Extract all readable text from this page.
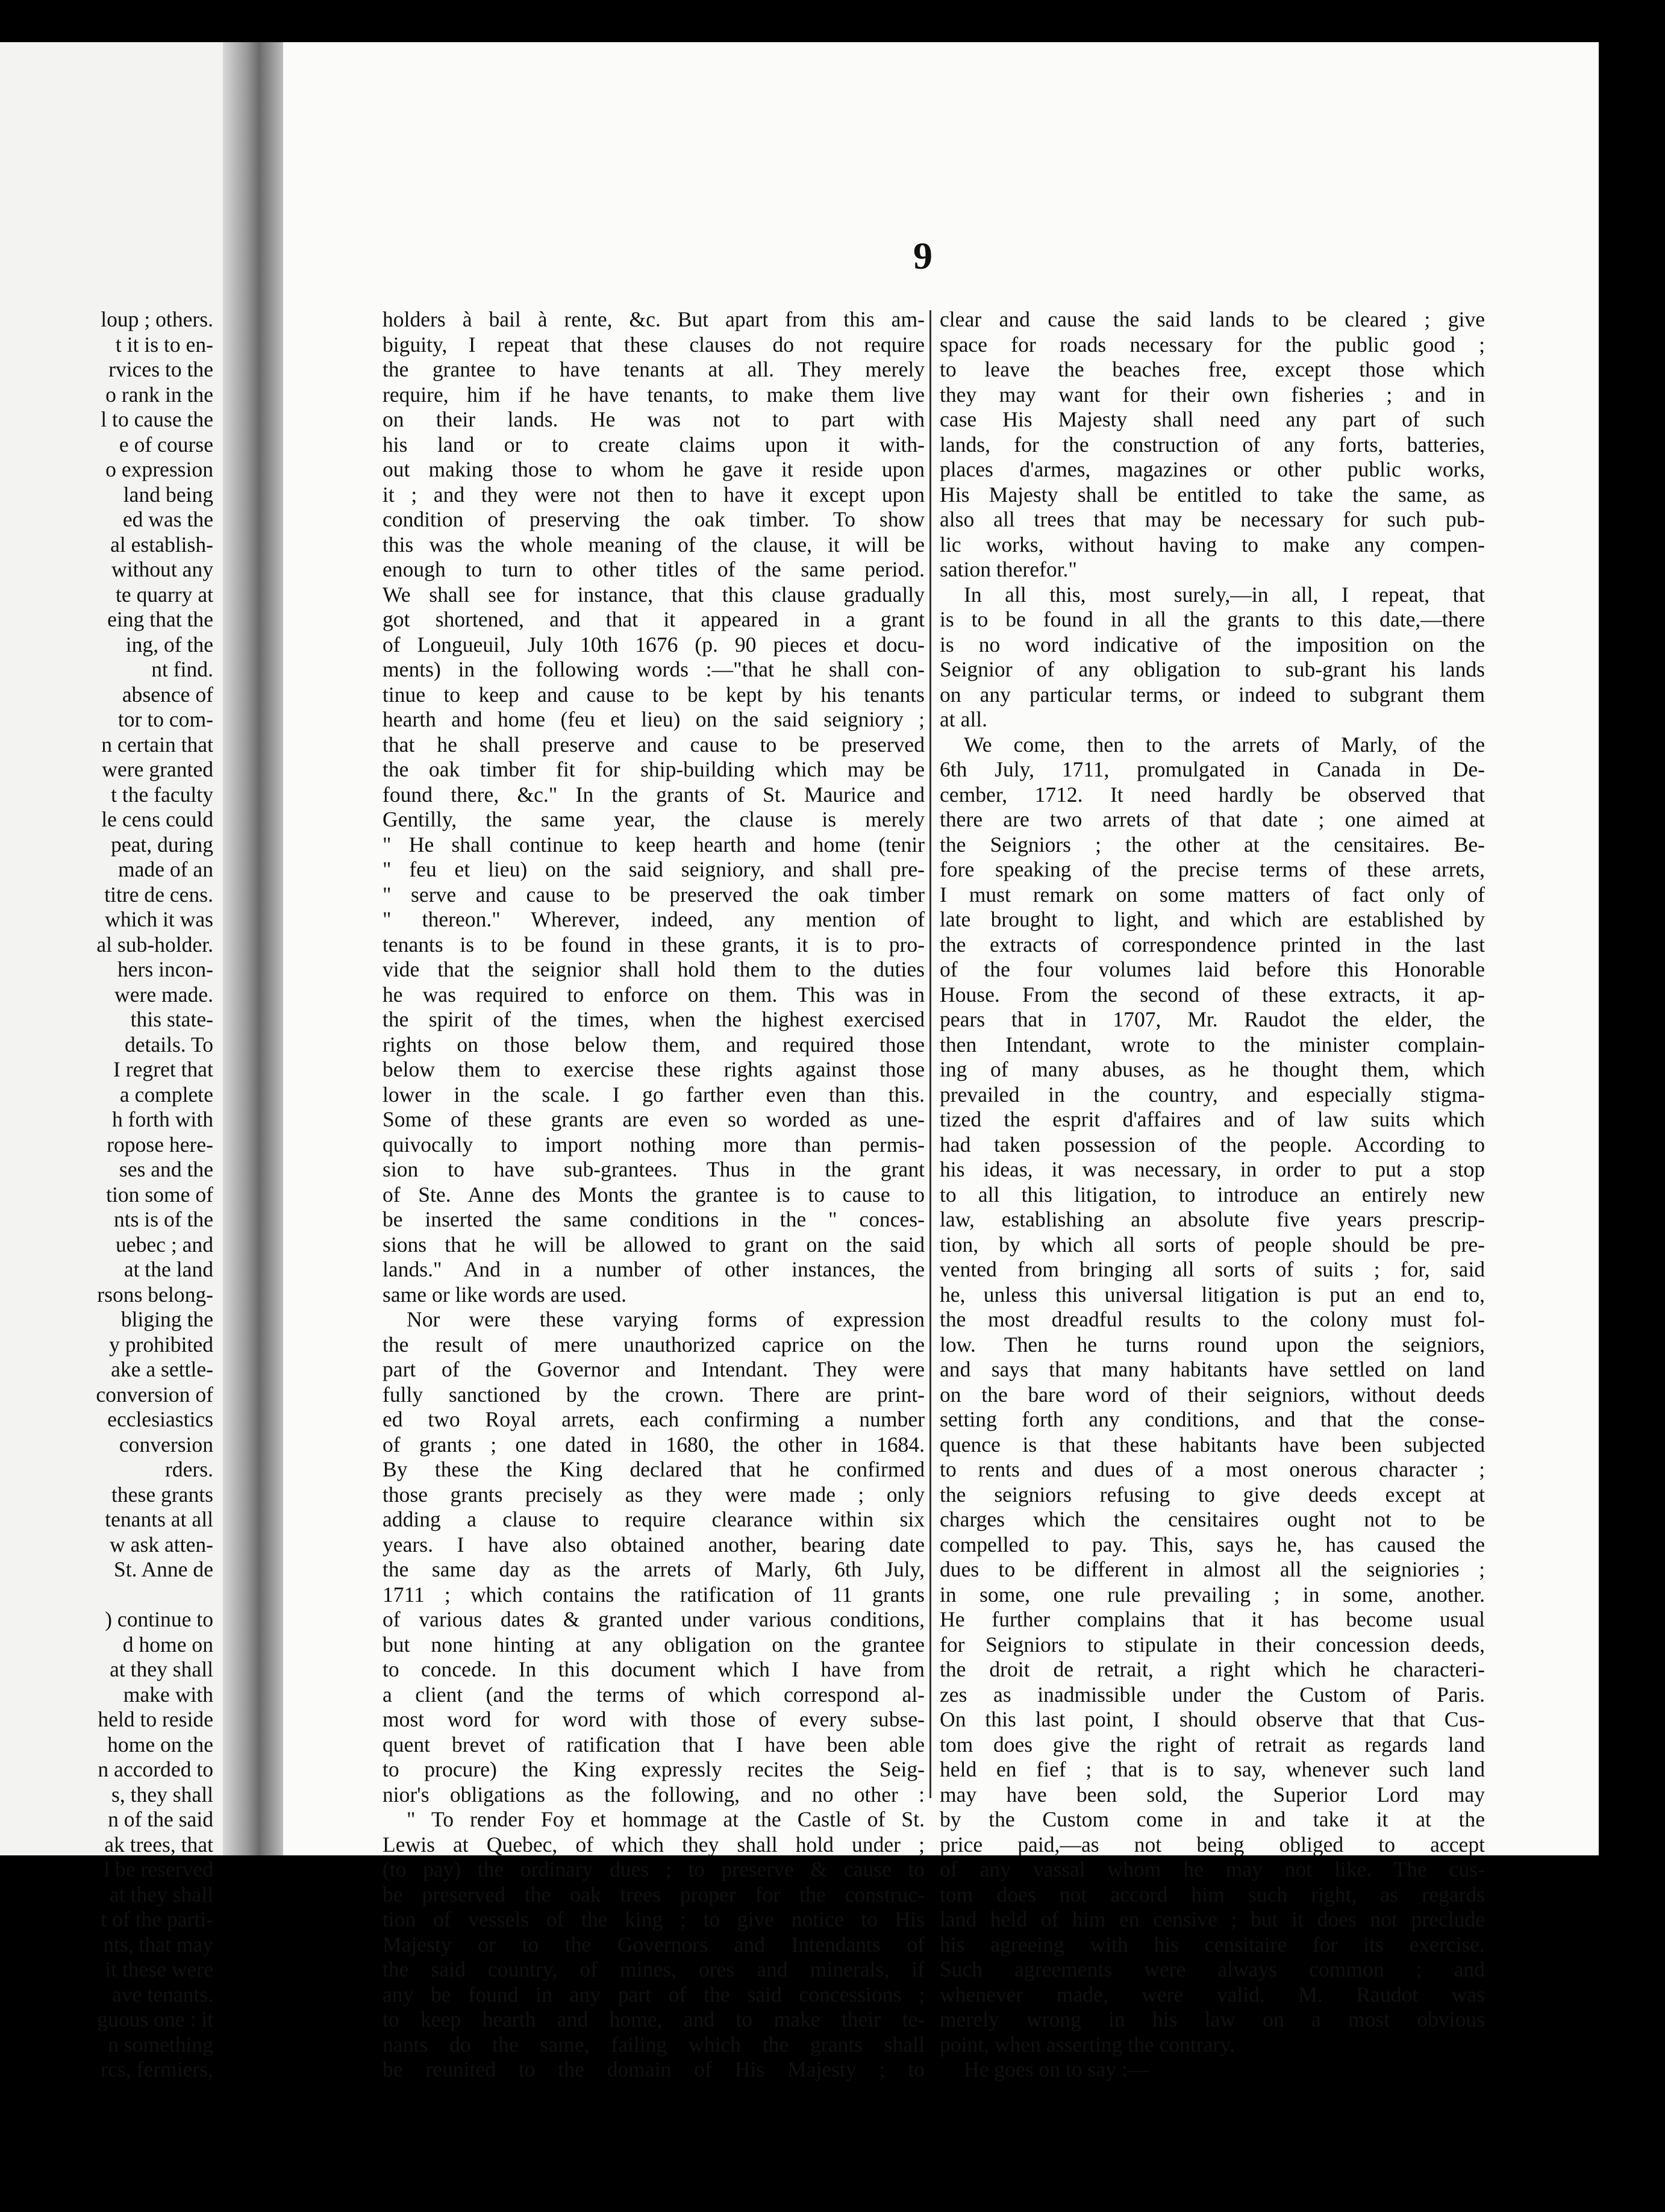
loup ; others.
t it is to en-
rvices to the
o rank in the
l to cause the
e of course
o expression
land being
ed was the
al establish-
without any
te quarry at
eing that the
ing, of the
nt find.
absence of
tor to com-
n certain that
were granted
t the faculty
le cens could
peat, during
made of an
titre de cens.
which it was
al sub-holder.
hers incon-
were made.
this state-
details. To
I regret that
a complete
h forth with
ropose here-
ses and the
tion some of
nts is of the
uebec ; and
at the land
rsons belong-
bliging the
y prohibited
ake a settle-
conversion of
ecclesiastics
conversion
rders.
these grants
tenants at all
w ask atten-
St. Anne de
) continue to
d home on
at they shall
make with
held to reside
home on the
n accorded to
s, they shall
n of the said
ak trees, that
l be reserved
at they shall
t of the parti-
nts, that may
it these were
ave tenants.
guous one : it
n something
rcs, fermiers,
9
holders à bail à rente, &c. But apart from this am-
biguity, I repeat that these clauses do not require
the grantee to have tenants at all. They merely
require, him if he have tenants, to make them live
on their lands. He was not to part with
his land or to create claims upon it with-
out making those to whom he gave it reside upon
it ; and they were not then to have it except upon
condition of preserving the oak timber. To show
this was the whole meaning of the clause, it will be
enough to turn to other titles of the same period.
We shall see for instance, that this clause gradually
got shortened, and that it appeared in a grant
of Longueuil, July 10th 1676 (p. 90 pieces et docu-
ments) in the following words :—"that he shall con-
tinue to keep and cause to be kept by his tenants
hearth and home (feu et lieu) on the said seigniory ;
that he shall preserve and cause to be preserved
the oak timber fit for ship-building which may be
found there, &c." In the grants of St. Maurice and
Gentilly, the same year, the clause is merely
" He shall continue to keep hearth and home (tenir
" feu et lieu) on the said seigniory, and shall pre-
" serve and cause to be preserved the oak timber
" thereon." Wherever, indeed, any mention of
tenants is to be found in these grants, it is to pro-
vide that the seignior shall hold them to the duties
he was required to enforce on them. This was in
the spirit of the times, when the highest exercised
rights on those below them, and required those
below them to exercise these rights against those
lower in the scale. I go farther even than this.
Some of these grants are even so worded as une-
quivocally to import nothing more than permis-
sion to have sub-grantees. Thus in the grant
of Ste. Anne des Monts the grantee is to cause to
be inserted the same conditions in the " conces-
sions that he will be allowed to grant on the said
lands." And in a number of other instances, the
same or like words are used.
Nor were these varying forms of expression
the result of mere unauthorized caprice on the
part of the Governor and Intendant. They were
fully sanctioned by the crown. There are print-
ed two Royal arrets, each confirming a number
of grants ; one dated in 1680, the other in 1684.
By these the King declared that he confirmed
those grants precisely as they were made ; only
adding a clause to require clearance within six
years. I have also obtained another, bearing date
the same day as the arrets of Marly, 6th July,
1711 ; which contains the ratification of 11 grants
of various dates & granted under various conditions,
but none hinting at any obligation on the grantee
to concede. In this document which I have from
a client (and the terms of which correspond al-
most word for word with those of every subse-
quent brevet of ratification that I have been able
to procure) the King expressly recites the Seig-
nior's obligations as the following, and no other :
" To render Foy et hommage at the Castle of St.
Lewis at Quebec, of which they shall hold under ;
(to pay) the ordinary dues ; to preserve & cause to
be preserved the oak trees proper for the construc-
tion of vessels of the king ; to give notice to His
Majesty or to the Governors and Intendants of
the said country, of mines, ores and minerals, if
any be found in any part of the said concessions ;
to keep hearth and home, and to make their te-
nants do the same, failing which the grants shall
be reunited to the domain of His Majesty ; to
clear and cause the said lands to be cleared ; give
space for roads necessary for the public good ;
to leave the beaches free, except those which
they may want for their own fisheries ; and in
case His Majesty shall need any part of such
lands, for the construction of any forts, batteries,
places d'armes, magazines or other public works,
His Majesty shall be entitled to take the same, as
also all trees that may be necessary for such pub-
lic works, without having to make any compen-
sation therefor."
In all this, most surely,—in all, I repeat, that
is to be found in all the grants to this date,—there
is no word indicative of the imposition on the
Seignior of any obligation to sub-grant his lands
on any particular terms, or indeed to subgrant them
at all.
We come, then to the arrets of Marly, of the
6th July, 1711, promulgated in Canada in De-
cember, 1712. It need hardly be observed that
there are two arrets of that date ; one aimed at
the Seigniors ; the other at the censitaires. Be-
fore speaking of the precise terms of these arrets,
I must remark on some matters of fact only of
late brought to light, and which are established by
the extracts of correspondence printed in the last
of the four volumes laid before this Honorable
House. From the second of these extracts, it ap-
pears that in 1707, Mr. Raudot the elder, the
then Intendant, wrote to the minister complain-
ing of many abuses, as he thought them, which
prevailed in the country, and especially stigma-
tized the esprit d'affaires and of law suits which
had taken possession of the people. According to
his ideas, it was necessary, in order to put a stop
to all this litigation, to introduce an entirely new
law, establishing an absolute five years prescrip-
tion, by which all sorts of people should be pre-
vented from bringing all sorts of suits ; for, said
he, unless this universal litigation is put an end to,
the most dreadful results to the colony must fol-
low. Then he turns round upon the seigniors,
and says that many habitants have settled on land
on the bare word of their seigniors, without deeds
setting forth any conditions, and that the conse-
quence is that these habitants have been subjected
to rents and dues of a most onerous character ;
the seigniors refusing to give deeds except at
charges which the censitaires ought not to be
compelled to pay. This, says he, has caused the
dues to be different in almost all the seigniories ;
in some, one rule prevailing ; in some, another.
He further complains that it has become usual
for Seigniors to stipulate in their concession deeds,
the droit de retrait, a right which he characteri-
zes as inadmissible under the Custom of Paris.
On this last point, I should observe that that Cus-
tom does give the right of retrait as regards land
held en fief ; that is to say, whenever such land
may have been sold, the Superior Lord may
by the Custom come in and take it at the
price paid,—as not being obliged to accept
of any vassal whom he may not like. The cus-
tom does not accord him such right, as regards
land held of him en censive ; but it does not preclude
his agreeing with his censitaire for its exercise.
Such agreements were always common ; and
whenever made, were valid. M. Raudot was
merely wrong in his law on a most obvious
point, when asserting the contrary.
He goes on to say :—
